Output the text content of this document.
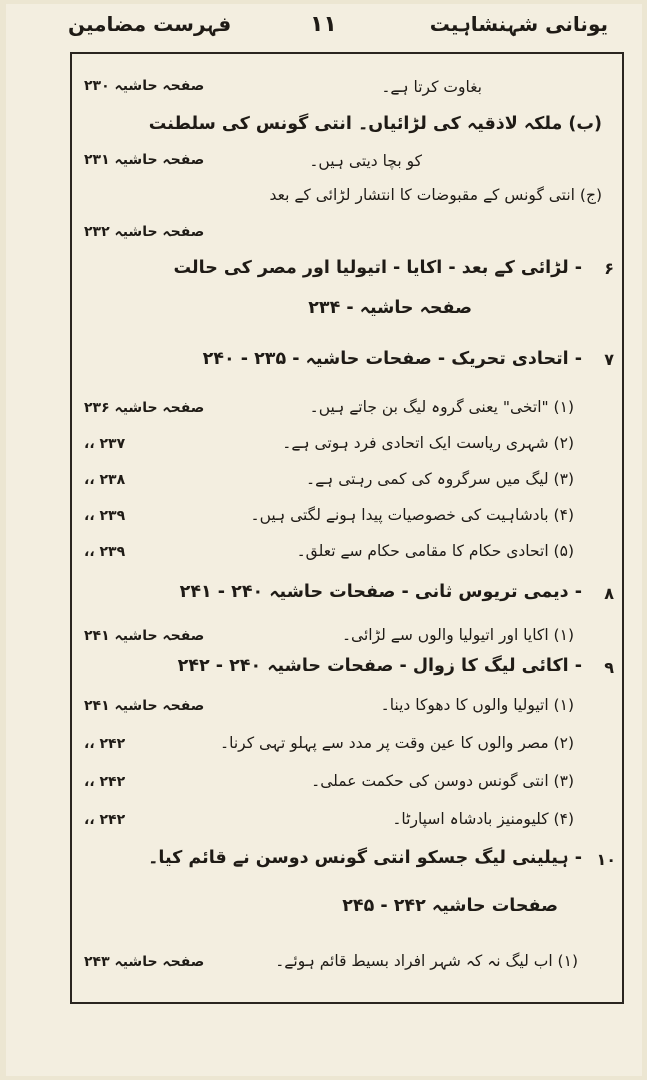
فہرست مضامین	۱۱	یونانی شہنشاہیت
بغاوت کرتا ہے۔
صفحہ حاشیہ ۲۳۰
(ب) ملکہ لاذقیہ کی لڑائیاں۔ انتی گونس کی سلطنت
کو بچا دیتی ہیں۔
صفحہ حاشیہ ۲۳۱
(ج) انتی گونس کے مقبوضات کا انتشار لڑائی کے بعد
صفحہ حاشیہ ۲۳۲
۶
- لڑائی کے بعد - اکایا - اتیولیا اور مصر کی حالت
صفحہ حاشیہ - ۲۳۴
۷
- اتحادی تحریک - صفحات حاشیہ - ۲۳۵ - ۲۴۰
(۱) "اتخی" یعنی گروہ لیگ بن جاتے ہیں۔
صفحہ حاشیہ ۲۳۶
(۲) شہری ریاست ایک اتحادی فرد ہوتی ہے۔
۲۳۷ ،،
(۳) لیگ میں سرگروہ کی کمی رہتی ہے۔
۲۳۸ ،،
(۴) بادشاہیت کی خصوصیات پیدا ہونے لگتی ہیں۔
۲۳۹ ،،
(۵) اتحادی حکام کا مقامی حکام سے تعلق۔
۲۳۹ ،،
۸
- دیمی تریوس ثانی - صفحات حاشیہ ۲۴۰ - ۲۴۱
(۱) اکایا اور اتیولیا والوں سے لڑائی۔
صفحہ حاشیہ ۲۴۱
۹
- اکائی لیگ کا زوال - صفحات حاشیہ ۲۴۰ - ۲۴۲
(۱) اتیولیا والوں کا دھوکا دینا۔
صفحہ حاشیہ ۲۴۱
(۲) مصر والوں کا عین وقت پر مدد سے پہلو تہی کرنا۔
۲۴۲ ،،
(۳) انتی گونس دوسن کی حکمت عملی۔
۲۴۲ ،،
(۴) کلیومنیز بادشاہ اسپارٹا۔
۲۴۲ ،،
۱۰
- ہیلینی لیگ جسکو انتی گونس دوسن نے قائم کیا۔
صفحات حاشیہ ۲۴۲ - ۲۴۵
(۱) اب لیگ نہ کہ شہر افراد بسیط قائم ہوئے۔
صفحہ حاشیہ ۲۴۳
